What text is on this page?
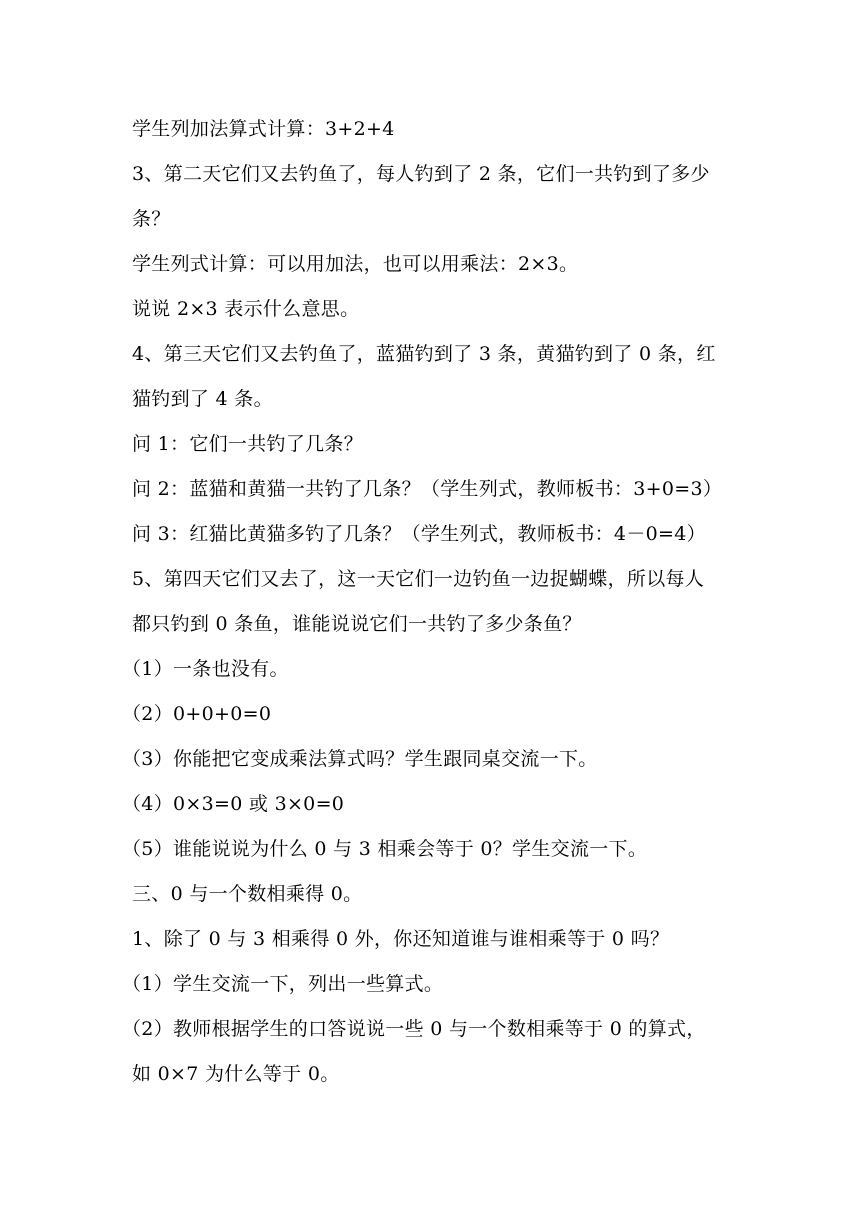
学生列加法算式计算：3+2+4
3、第二天它们又去钓鱼了，每人钓到了 2 条，它们一共钓到了多少
条？
学生列式计算：可以用加法，也可以用乘法：2×3。
说说 2×3 表示什么意思。
4、第三天它们又去钓鱼了，蓝猫钓到了 3 条，黄猫钓到了 0 条，红
猫钓到了 4 条。
问 1：它们一共钓了几条？
问 2：蓝猫和黄猫一共钓了几条？（学生列式，教师板书：3+0=3）
问 3：红猫比黄猫多钓了几条？（学生列式，教师板书：4－0=4）
5、第四天它们又去了，这一天它们一边钓鱼一边捉蝴蝶，所以每人
都只钓到 0 条鱼，谁能说说它们一共钓了多少条鱼？
（1）一条也没有。
（2）0+0+0=0
（3）你能把它变成乘法算式吗？学生跟同桌交流一下。
（4）0×3=0 或 3×0=0
（5）谁能说说为什么 0 与 3 相乘会等于 0？学生交流一下。
三、0 与一个数相乘得 0。
1、除了 0 与 3 相乘得 0 外，你还知道谁与谁相乘等于 0 吗？
（1）学生交流一下，列出一些算式。
（2）教师根据学生的口答说说一些 0 与一个数相乘等于 0 的算式，
如 0×7 为什么等于 0。
